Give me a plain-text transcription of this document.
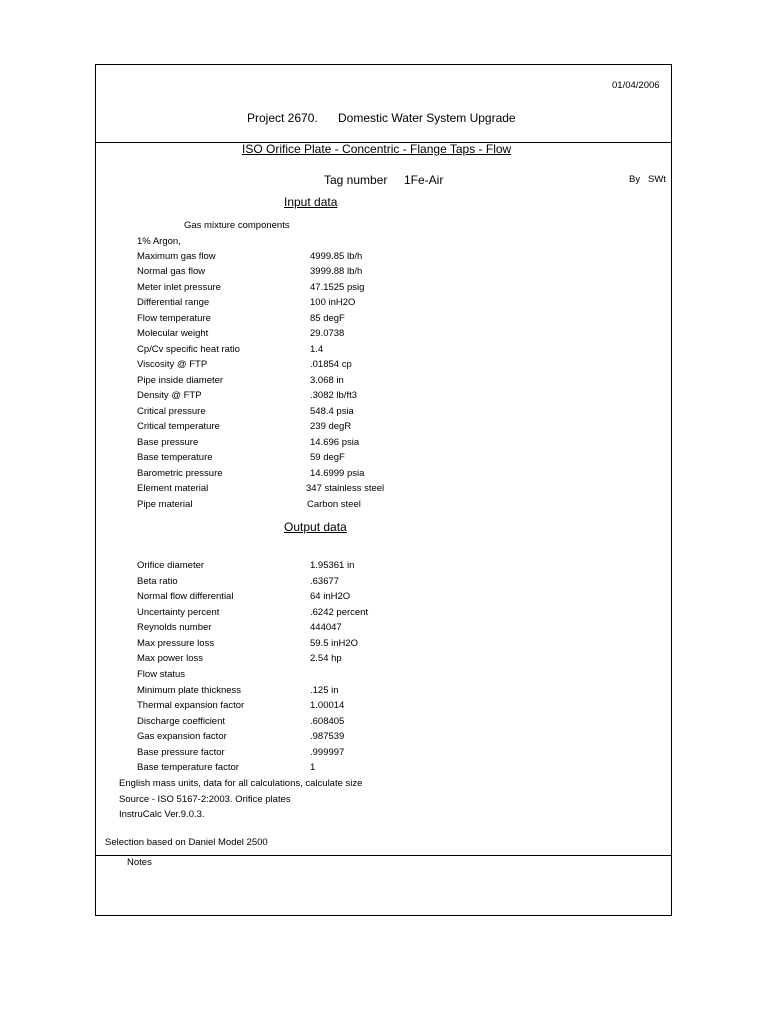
01/04/2006
Project 2670. Domestic Water System Upgrade
ISO Orifice Plate - Concentric - Flange Taps - Flow
Tag number 1Fe-Air	By SWt
Input data
Gas mixture components
1% Argon,
Maximum gas flow	4999.85 lb/h
Normal gas flow	3999.88 lb/h
Meter inlet pressure	47.1525 psig
Differential range	100 inH2O
Flow temperature	85 degF
Molecular weight	29.0738
Cp/Cv specific heat ratio	1.4
Viscosity @ FTP	.01854 cp
Pipe inside diameter	3.068 in
Density @ FTP	.3082 lb/ft3
Critical pressure	548.4 psia
Critical temperature	239 degR
Base pressure	14.696 psia
Base temperature	59 degF
Barometric pressure	14.6999 psia
Element material	347 stainless steel
Pipe material	Carbon steel
Output data
Orifice diameter	1.95361 in
Beta ratio	.63677
Normal flow differential	64 inH2O
Uncertainty percent	.6242 percent
Reynolds number	444047
Max pressure loss	59.5 inH2O
Max power loss	2.54 hp
Flow status
Minimum plate thickness	.125 in
Thermal expansion factor	1.00014
Discharge coefficient	.608405
Gas expansion factor	.987539
Base pressure factor	.999997
Base temperature factor	1
English mass units, data for all calculations, calculate size
Source - ISO 5167-2:2003. Orifice plates
InstruCalc Ver.9.0.3.
Selection based on Daniel Model 2500
Notes
